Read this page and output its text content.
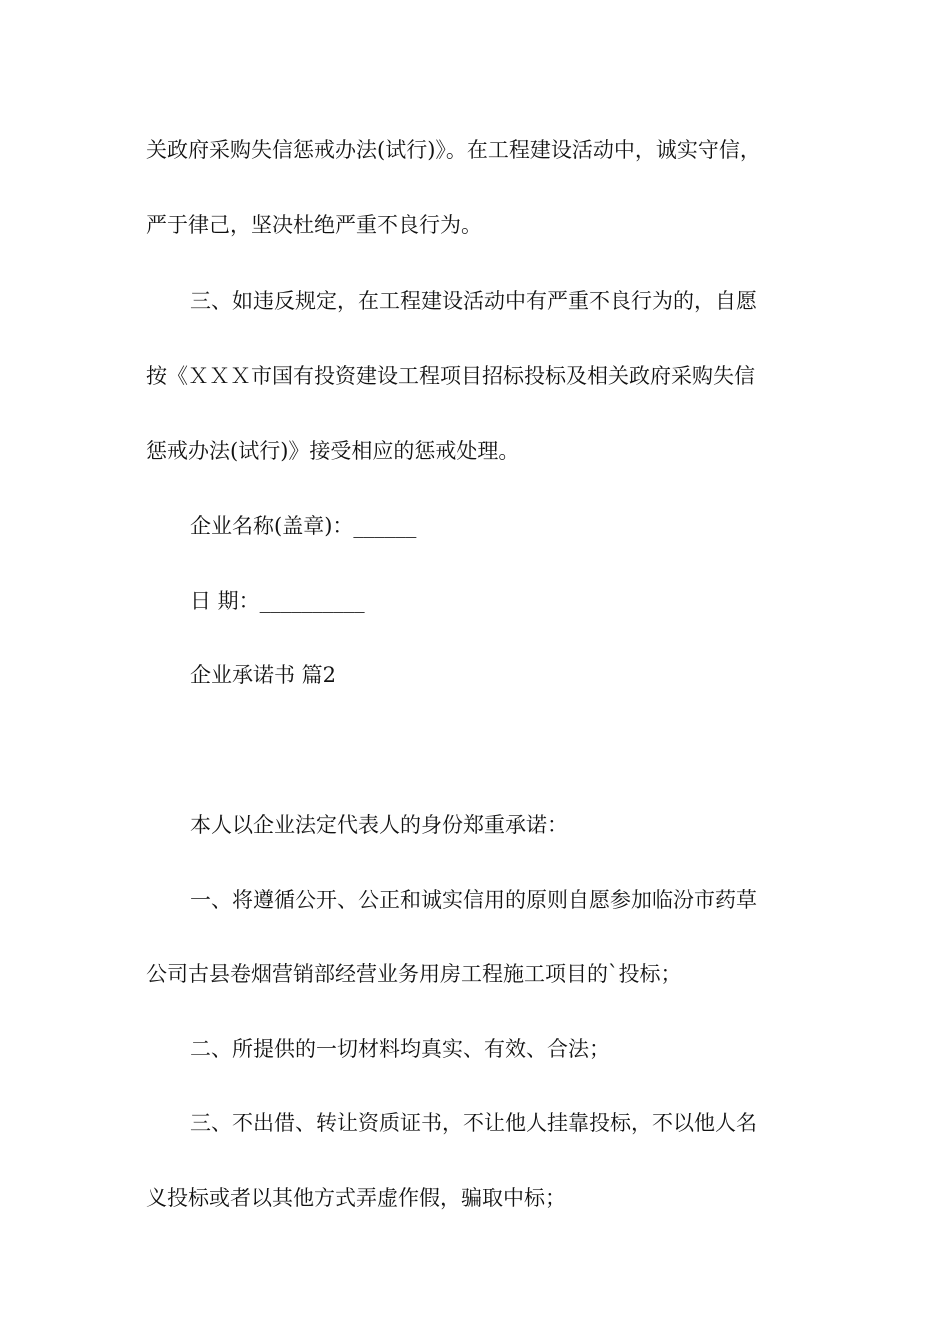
关政府采购失信惩戒办法(试行)》。在工程建设活动中，诚实守信，
严于律己，坚决杜绝严重不良行为。
三、如违反规定，在工程建设活动中有严重不良行为的，自愿
按《ＸＸＸ市国有投资建设工程项目招标投标及相关政府采购失信
惩戒办法(试行)》接受相应的惩戒处理。
企业名称(盖章)：______
日 期：__________
企业承诺书 篇2
本人以企业法定代表人的身份郑重承诺：
一、将遵循公开、公正和诚实信用的原则自愿参加临汾市药草
公司古县卷烟营销部经营业务用房工程施工项目的`投标；
二、所提供的一切材料均真实、有效、合法；
三、不出借、转让资质证书，不让他人挂靠投标，不以他人名
义投标或者以其他方式弄虚作假，骗取中标；
